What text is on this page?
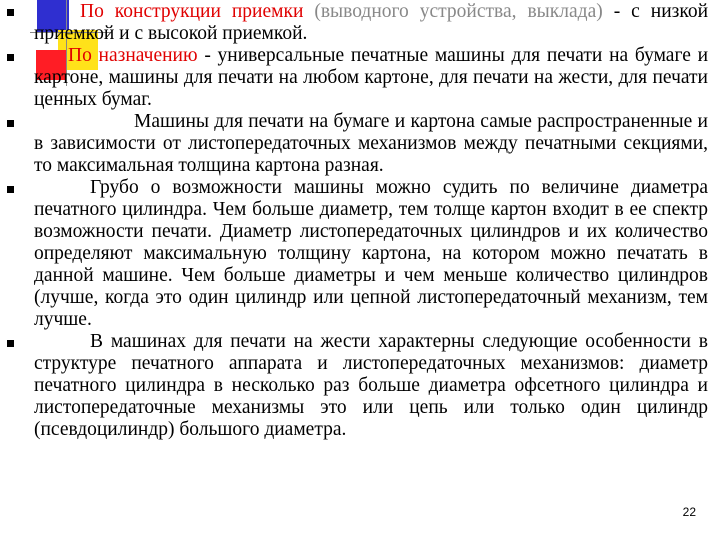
По конструкции приемки (выводного устройства, выклада) - с низкой приемкой и с высокой приемкой.
По назначению - универсальные печатные машины для печати на бумаге и картоне, машины для печати на любом картоне, для печати на жести, для печати ценных бумаг.
Машины для печати на бумаге и картона самые распространенные и в зависимости от листопередаточных механизмов между печатными секциями, то максимальная толщина картона разная.
Грубо о возможности машины можно судить по величине диаметра печатного цилиндра. Чем больше диаметр, тем толще картон входит в ее спектр возможности печати. Диаметр листопередаточных цилиндров и их количество определяют максимальную толщину картона, на котором можно печатать в данной машине. Чем больше диаметры и чем меньше количество цилиндров (лучше, когда это один цилиндр или цепной листопередаточный механизм, тем лучше.
В машинах для печати на жести характерны следующие особенности в структуре печатного аппарата и листопередаточных механизмов: диаметр печатного цилиндра в несколько раз больше диаметра офсетного цилиндра и листопередаточные механизмы это или цепь или только один цилиндр (псевдоцилиндр) большого диаметра.
22
